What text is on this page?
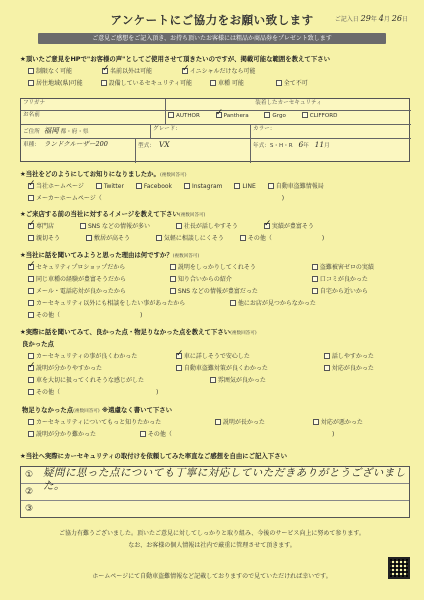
アンケートにご協力をお願い致します	ご記入日 29年 4月 26日
ご意見ご感想をご記入頂き、お持ち頂いたお客様には粗品か商品券をプレゼント致します
★頂いたご意見をHPで"お客様の声"としてご使用させて頂きたいのですが、掲載可能な範囲を教えて下さい
制限なく可能 ✓	名前以外は可能 ✓	イニシャルだけなら可能
居住地域(県)可能	設備しているセキュリティ可能	車種 可能	全て不可
フリガナ
お名前
装着したカーセキュリティ
AUTHOR ✓	Panthera	Grgo	CLIFFORD
ご住所 福岡 都・府・県	グレード：	カラー：
車種： ランドクルーザー200	型式： VX	年式：S・H・R 6年 11月
★当社をどのようにしてお知りになりましたか。(複数回答可)
✓当社ホームページ	Twitter	Facebook	Instagram	LINE	自動車盗難情報局
メーカーホームページ（	)
★ご来店する前の当社に対するイメージを教えて下さい(複数回答可)
✓専門店	SNS などの情報が多い	社長が話しやすそう ✓	実績が豊富そう
親切そう	敷居が高そう	気軽に相談しにくそう	その他（	)
★当社に話を聞いてみようと思った理由は何ですか？(複数回答可)
✓セキュリティプロショップだから	説明をしっかりしてくれそう	盗難被害ゼロの実績
同じ車種の経験が豊富そうだから	知り合いからの紹介	口コミが良かった
メール・電話応対が良かったから	SNS などの情報が豊富だった	自宅から近いから
カーセキュリティ以外にも相談をしたい事があったから	他にお店が見つからなかった
その他（	)
★実際に話を聞いてみて、良かった点・物足りなかった点を教えて下さい(複数回答可)
良かった点
カーセキュリティの事が良くわかった ✓	車に詳しそうで安心した	話しやすかった
✓説明が分かりやすかった	自動車盗難対策が良くわかった	対応が良かった
車を大切に扱ってくれそうな感じがした	雰囲気が良かった
その他（	)
物足りなかった点(複数回答可) ※遠慮なく書いて下さい
カーセキュリティについてもっと知りたかった	説明が長かった	対応が悪かった
説明が分かり難かった	その他（	)
★当社へ実際にカーセキュリティの取付けを依頼してみた率直なご感想を自由にご記入下さい
① 疑問に思った点についても丁寧に対応していただきありがとうございました。
②
③
ご協力有難うございました。頂いたご意見に対してしっかりと取り組み、今後のサービス向上に努めて参ります。
なお、お客様の個人情報は社内で厳重に管理させて頂きます。
ホームページにて自動車盗難情報など記載しておりますので見ていただければ幸いです。
